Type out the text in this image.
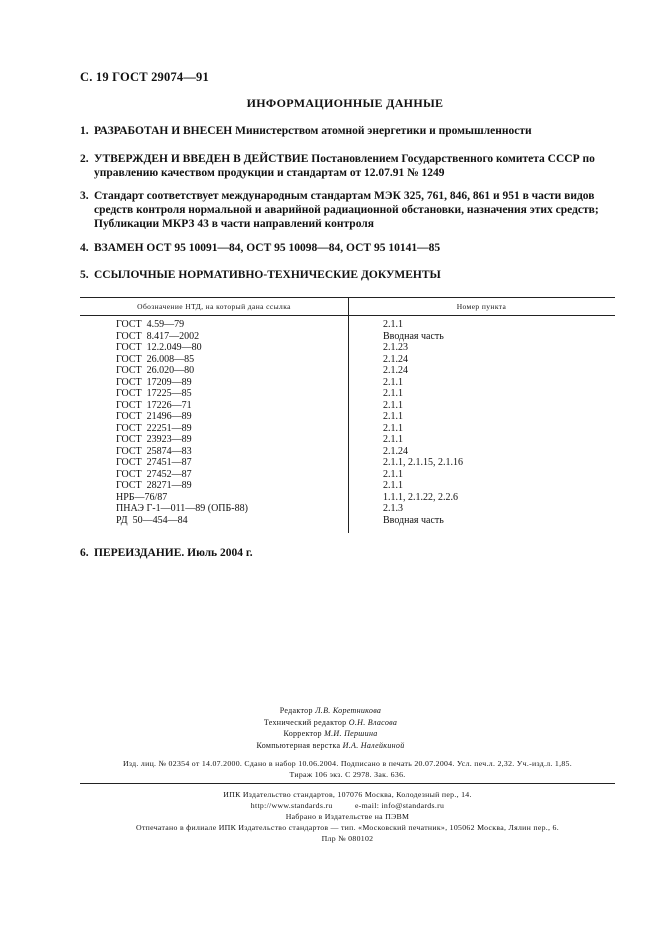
С. 19 ГОСТ 29074—91
ИНФОРМАЦИОННЫЕ ДАННЫЕ
1. РАЗРАБОТАН И ВНЕСЕН Министерством атомной энергетики и промышленности
2. УТВЕРЖДЕН И ВВЕДЕН В ДЕЙСТВИЕ Постановлением Государственного комитета СССР по управлению качеством продукции и стандартам от 12.07.91 № 1249
3. Стандарт соответствует международным стандартам МЭК 325, 761, 846, 861 и 951 в части видов средств контроля нормальной и аварийной радиационной обстановки, назначения этих средств; Публикации МКРЗ 43 в части направлений контроля
4. ВЗАМЕН ОСТ 95 10091—84, ОСТ 95 10098—84, ОСТ 95 10141—85
5. ССЫЛОЧНЫЕ НОРМАТИВНО-ТЕХНИЧЕСКИЕ ДОКУМЕНТЫ
Обозначение НТД, на который дана ссылка	Номер пункта
ГОСТ  4.59—79	2.1.1
ГОСТ  8.417—2002	Вводная часть
ГОСТ  12.2.049—80	2.1.23
ГОСТ  26.008—85	2.1.24
ГОСТ  26.020—80	2.1.24
ГОСТ  17209—89	2.1.1
ГОСТ  17225—85	2.1.1
ГОСТ  17226—71	2.1.1
ГОСТ  21496—89	2.1.1
ГОСТ  22251—89	2.1.1
ГОСТ  23923—89	2.1.1
ГОСТ  25874—83	2.1.24
ГОСТ  27451—87	2.1.1, 2.1.15, 2.1.16
ГОСТ  27452—87	2.1.1
ГОСТ  28271—89	2.1.1
НРБ—76/87	1.1.1, 2.1.22, 2.2.6
ПНАЭ Г-1—011—89 (ОПБ-88)	2.1.3
РД  50—454—84	Вводная часть
6. ПЕРЕИЗДАНИЕ. Июль 2004 г.
Редактор Л.В. Коретникова
Технический редактор О.Н. Власова
Корректор М.И. Першина
Компьютерная верстка И.А. Налейкиной
Изд. лиц. № 02354 от 14.07.2000. Сдано в набор 10.06.2004. Подписано в печать 20.07.2004. Усл. печ.л. 2,32. Уч.-изд.л. 1,85.
Тираж 106 экз. С 2978. Зак. 636.
ИПК Издательство стандартов, 107076 Москва, Колодезный пер., 14.
http://www.standards.ru          e-mail: info@standards.ru
Набрано в Издательстве на ПЭВМ
Отпечатано в филиале ИПК Издательство стандартов — тип. «Московский печатник», 105062 Москва, Лялин пер., 6.
Плр № 080102
